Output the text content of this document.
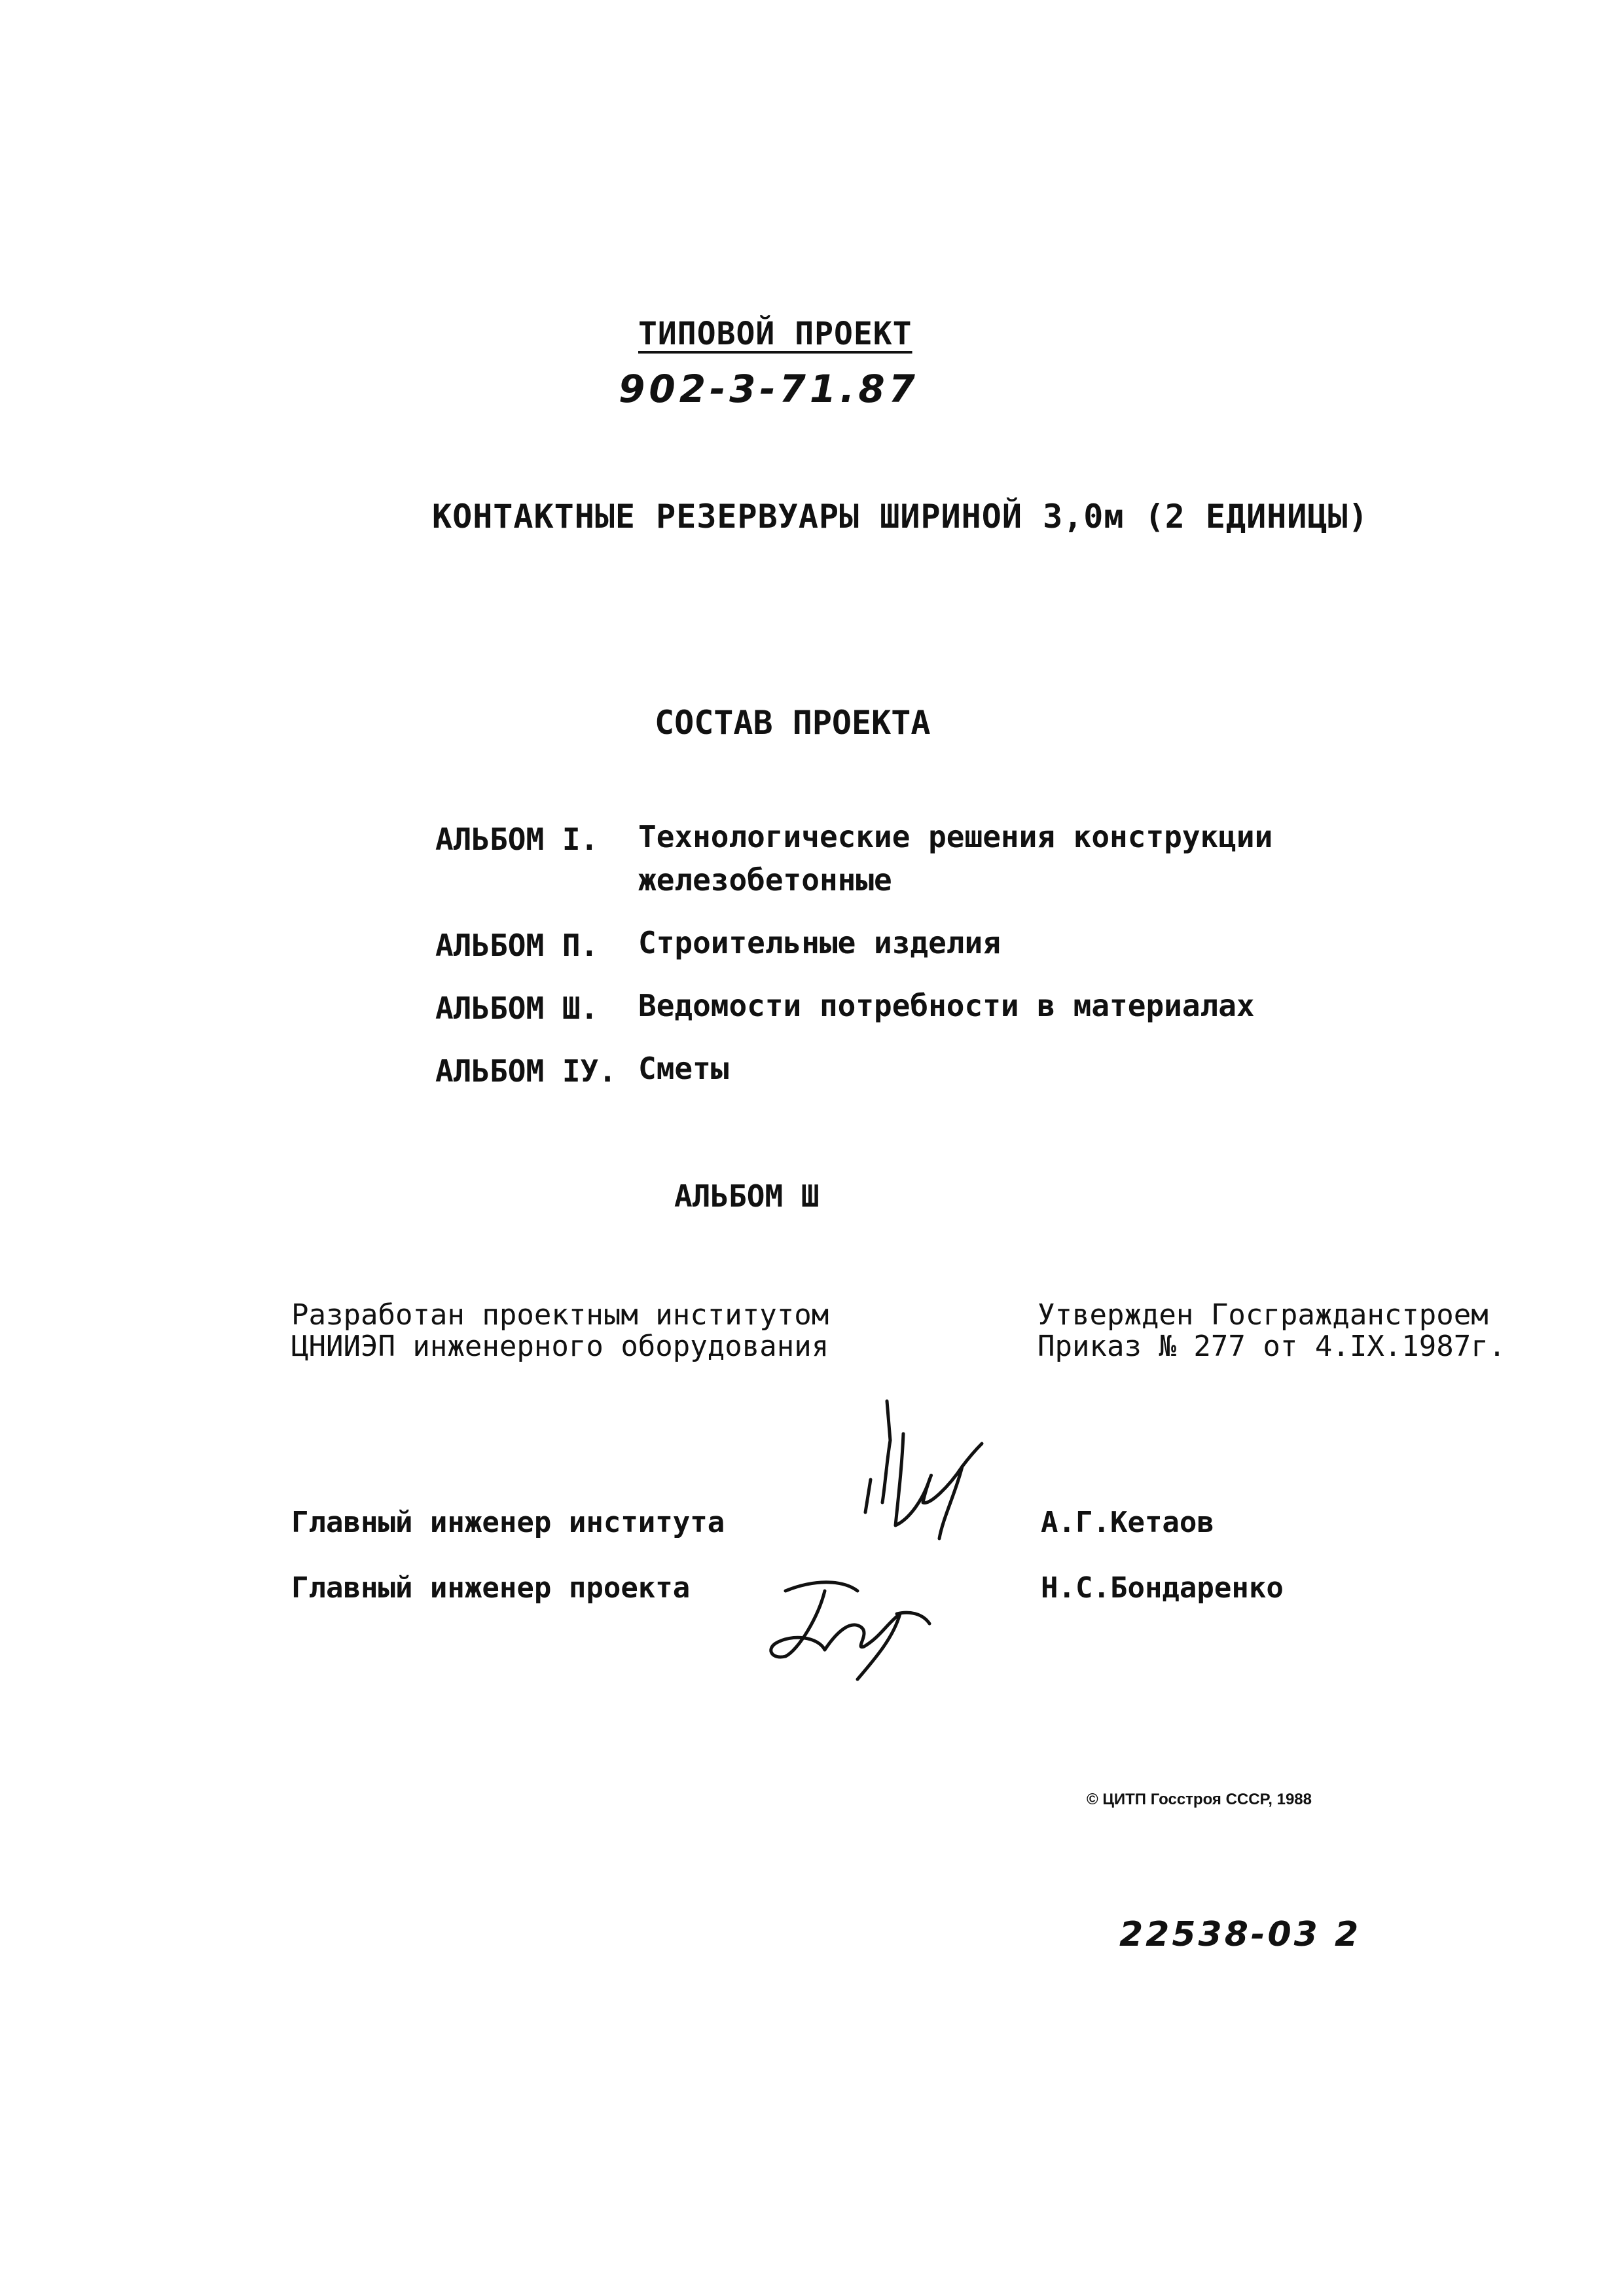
ТИПОВОЙ ПРОЕКТ
902-3-71.87
КОНТАКТНЫЕ РЕЗЕРВУАРЫ ШИРИНОЙ 3,0м (2 ЕДИНИЦЫ)
СОСТАВ ПРОЕКТА
АЛЬБОМ I.	Технологические решения конструкции железобетонные
АЛЬБОМ П.	Строительные изделия
АЛЬБОМ Ш.	Ведомости потребности в материалах
АЛЬБОМ IУ. Сметы
АЛЬБОМ Ш
Разработан проектным институтом
ЦНИИЭП инженерного оборудования
Утвержден Госгражданстроем
Приказ № 277 от 4.IX.1987г.
Главный инженер института	А.Г.Кетаов
Главный инженер проекта	Н.С.Бондаренко
© ЦИТП Госстроя СССР, 1988
22538-03 2
